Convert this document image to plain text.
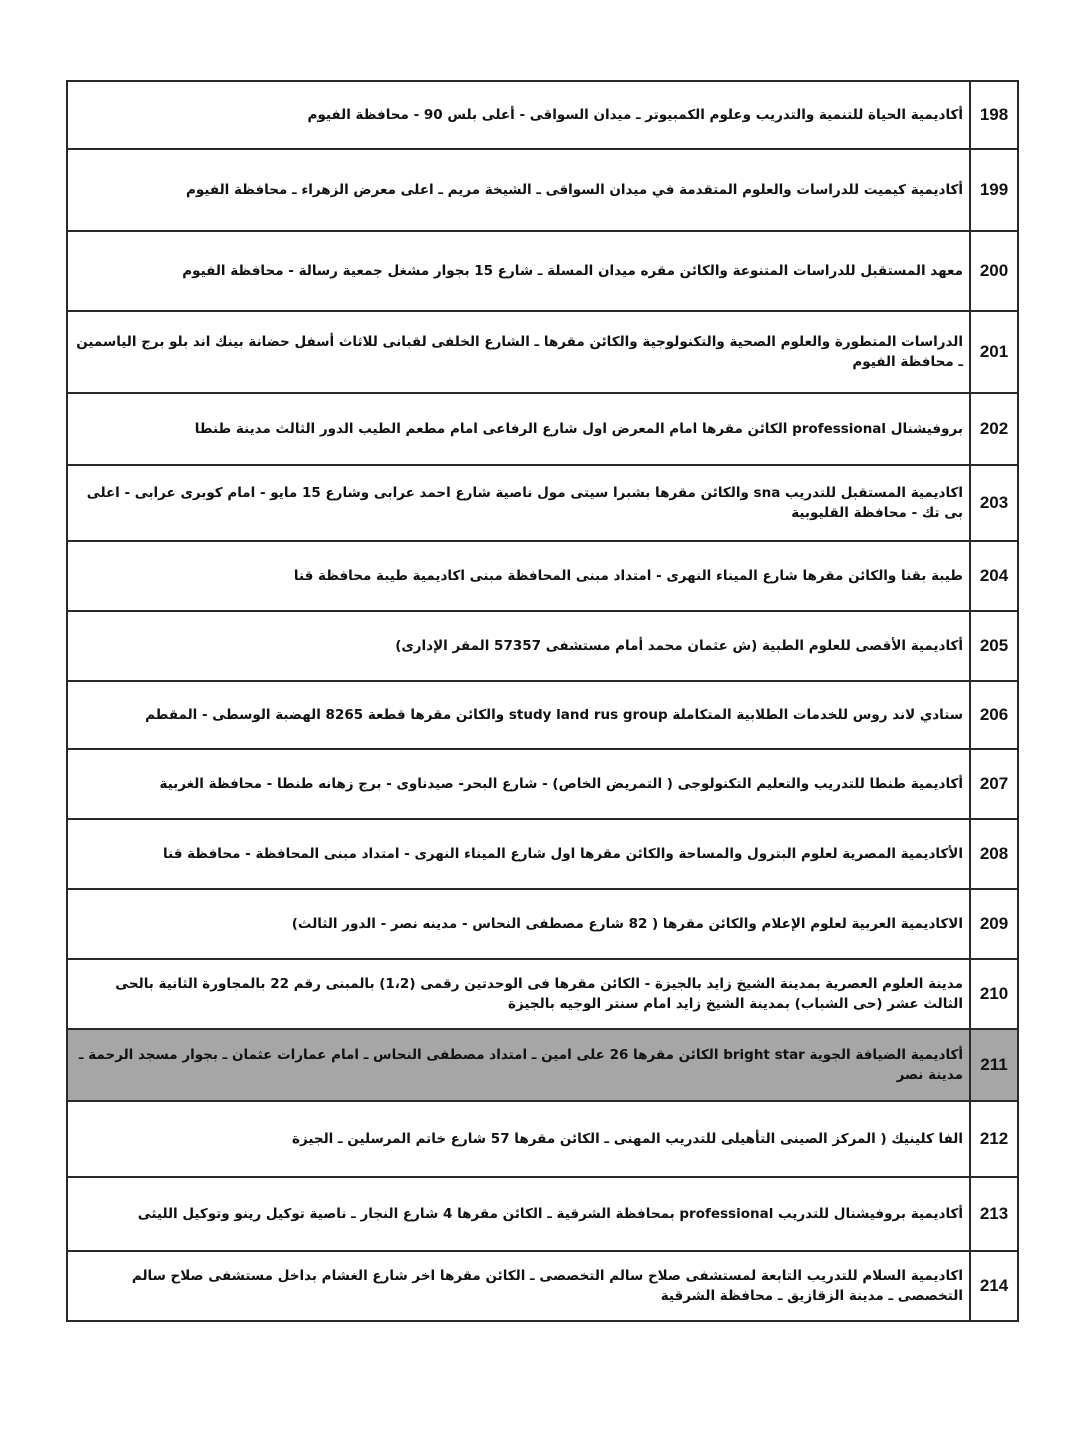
198	أكاديمية الحياة للتنمية والتدريب وعلوم الكمبيوتر ـ ميدان السواقى - أعلى بلس 90 - محافظة الفيوم

199	أكاديمية كيميت للدراسات والعلوم المتقدمة في ميدان السواقى ـ الشيخة مريم ـ اعلى معرض الزهراء ـ محافظة الفيوم

200	معهد المستقبل للدراسات المتنوعة والكائن مقره ميدان المسلة ـ شارع 15 بجوار مشغل جمعية رسالة - محافظة الفيوم

201	الدراسات المتطورة والعلوم الصحية والتكنولوجية والكائن مقرها ـ الشارع الخلفى لقبانى للاثاث أسفل حضانة بينك اند بلو برج الياسمين ـ محافظة الفيوم

202	بروفيشنال professional الكائن مقرها امام المعرض اول شارع الرفاعى امام مطعم الطيب الدور الثالث مدينة طنطا

203	اكاديمية المستقبل للتدريب sna والكائن مقرها بشبرا سيتى مول ناصية شارع احمد عرابى وشارع 15 مايو - امام كوبرى عرابى - اعلى بى تك - محافظة القليوبية

204	طيبة بقنا والكائن مقرها شارع الميناء النهرى - امتداد مبنى المحافظة مبنى اكاديمية طيبة محافظة قنا

205	أكاديمية الأقصى للعلوم الطبية (ش عثمان محمد أمام مستشفى 57357 المقر الإدارى)

206	ستادي لاند روس للخدمات الطلابية المتكاملة study land rus group والكائن مقرها قطعة 8265 الهضبة الوسطى - المقطم

207	أكاديمية طنطا للتدريب والتعليم التكنولوجى ( التمريض الخاص) - شارع البحر- صيدناوى - برج زهانه طنطا - محافظة الغربية

208	الأكاديمية المصرية لعلوم البترول والمساحة والكائن مقرها اول شارع الميناء النهرى - امتداد مبنى المحافظة - محافظة قنا

209	الاكاديمية العربية لعلوم الإعلام والكائن مقرها ( 82 شارع مصطفى النحاس - مدينه نصر - الدور الثالث)

210	مدينة العلوم العصرية بمدينة الشيخ زايد بالجيزة - الكائن مقرها فى الوحدتين رقمى (1،2) بالمبنى رقم 22 بالمجاورة الثانية بالحى الثالث عشر (حى الشباب) بمدينة الشيخ زايد امام سنتر الوجيه بالجيزة

211	أكاديمية الضيافة الجوية bright star الكائن مقرها 26 على امين ـ امتداد مصطفى النحاس ـ امام عمارات عثمان ـ بجوار مسجد الرحمة ـ مدينة نصر

212	الفا كلينيك ( المركز الصينى التأهيلى للتدريب المهنى ـ الكائن مقرها 57 شارع خاتم المرسلين ـ الجيزة

213	أكاديمية بروفيشنال للتدريب professional بمحافظة الشرقية ـ الكائن مقرها 4 شارع النجار ـ ناصية توكيل رينو وتوكيل الليثى

214	اكاديمية السلام للتدريب التابعة لمستشفى صلاح سالم التخصصى ـ الكائن مقرها اخر شارع الغشام بداخل مستشفى صلاح سالم التخصصى ـ مدينة الزقازيق ـ محافظة الشرقية
